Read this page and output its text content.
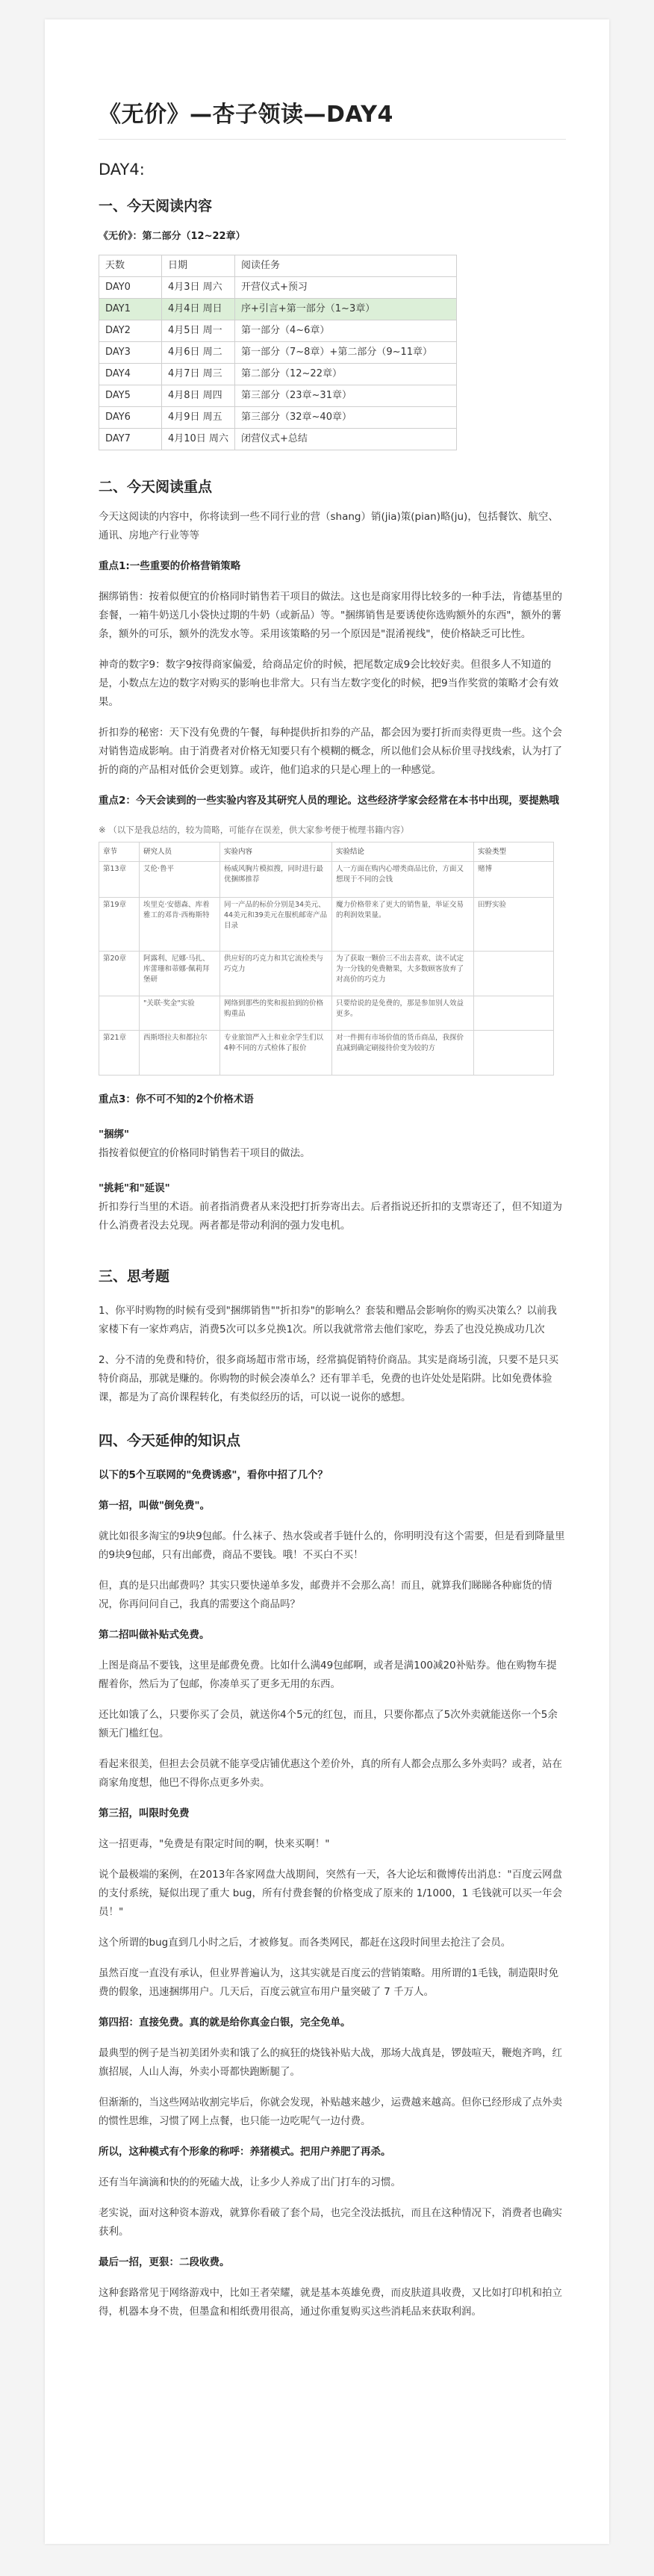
《无价》—杏子领读—DAY4
DAY4:
一、今天阅读内容

《无价》：第二部分（12~22章）

天数	日期	阅读任务
DAY0	4月3日 周六	开营仪式+预习
DAY1	4月4日 周日	序+引言+第一部分（1~3章）
DAY2	4月5日 周一	第一部分（4~6章）
DAY3	4月6日 周二	第一部分（7~8章）+第二部分（9~11章）
DAY4	4月7日 周三	第二部分（12~22章）
DAY5	4月8日 周四	第三部分（23章~31章）
DAY6	4月9日 周五	第三部分（32章~40章）
DAY7	4月10日 周六	闭营仪式+总结
二、今天阅读重点

今天这阅读的内容中，你将读到一些不同行业的营（shang）销(jia)策(pian)略(ju)，包括餐饮、航空、通讯、房地产行业等等

重点1:一些重要的价格营销策略

捆绑销售：按着似便宜的价格同时销售若干项目的做法。这也是商家用得比较多的一种手法，肯德基里的套餐，一箱牛奶送几小袋快过期的牛奶（或新品）等。"捆绑销售是要诱使你选购额外的东西"，额外的薯条，额外的可乐，额外的洗发水等。采用该策略的另一个原因是"混淆视线"，使价格缺乏可比性。

神奇的数字9：数字9按得商家偏爱，给商品定价的时候，把尾数定成9会比较好卖。但很多人不知道的是，小数点左边的数字对购买的影响也非常大。只有当左数字变化的时候，把9当作奖赏的策略才会有效果。

折扣券的秘密：天下没有免费的午餐，每种提供折扣券的产品，都会因为要打折而卖得更贵一些。这个会对销售造成影响。由于消费者对价格无知要只有个模糊的概念，所以他们会从标价里寻找线索，认为打了折的商的产品相对低价会更划算。或许，他们追求的只是心理上的一种感觉。

重点2：今天会读到的一些实验内容及其研究人员的理论。这些经济学家会经常在本书中出现，要提熟哦

※ （以下是我总结的，较为简略，可能存在误差，供大家参考便于梳理书籍内容）

章节	研究人员	实验内容	实验结论	实验类型
第13章	艾伦·鲁平	杨威风胸片模拟搜，同时进行最优捆绑推荐	人一方面在购内心增类商品比价，方面又想现于不同的会钱	赌博
第19章	埃里克·安德森、库着雅工的邓肯·西梅斯特	同一产品的标价分别是34美元、44美元和39美元在服机邮寄产品目录	魔力价格带来了更大的销售量，举证交易的利润效果量。	田野实验
第20章	阿露利、尼娜·马扎、库蕾珊和蒂娜·佩莉拜堡研	供应好的巧克力和其它流检类与巧克力	为了获取一颗价三不出去喜欢、读不试定为一分钱的免费糖果，大多数顾客放弃了对高价的巧克力	
	"关联·奖金"实验	网络到那些的奖和报拍到的价格购重品	只要给说的是免费的，那是参加别人效益更多。	
第21章	西斯塔拉夫和都拉尔	专业旅馆严入土和业余学生们以4种不同的方式检体了报价	对一件拥有市场价值的货币商品，我探价直减到确定刷接待价变为较的方	

重点3：你不可不知的2个价格术语

"捆绑"

指按着似便宜的价格同时销售若干项目的做法。

"挑耗"和"延误"

折扣券行当里的术语。前者指消费者从来没把打折券寄出去。后者指说还折扣的支票寄还了，但不知道为什么消费者没去兑现。两者都是带动利润的强力发电机。

三、思考题

1、你平时购物的时候有受到"捆绑销售""折扣券"的影响么？套装和赠品会影响你的购买决策么？以前我家楼下有一家炸鸡店，消费5次可以多兑换1次。所以我就常常去他们家吃，券丢了也没兑换成功几次

2、分不清的免费和特价，很多商场超市常市场，经常搞促销特价商品。其实是商场引流，只要不是只买特价商品，那就是赚的。你购物的时候会凑单么？还有罪羊毛，免费的也许处处是陷阱。比如免费体验课，都是为了高价课程转化，有类似经历的话，可以说一说你的感想。

四、今天延伸的知识点

以下的5个互联网的"免费诱惑"，看你中招了几个？

第一招，叫做"倒免费"。

就比如很多淘宝的9块9包邮。什么袜子、热水袋或者手链什么的，你明明没有这个需要，但是看到降量里的9块9包邮，只有出邮费，商品不要钱。哦！不买白不买！

但，真的是只出邮费吗？其实只要快递单多发，邮费并不会那么高！而且，就算我们睇睇各种廊货的情况，你再问问自己，我真的需要这个商品吗？

第二招叫做补贴式免费。

上图是商品不要钱，这里是邮费免费。比如什么满49包邮啊，或者是满100减20补贴券。他在购物车提醒着你，然后为了包邮，你凑单买了更多无用的东西。

还比如饿了么，只要你买了会员，就送你4个5元的红包，而且，只要你都点了5次外卖就能送你一个5余额无门槛红包。

看起来很美，但担去会员就不能享受店铺优惠这个差价外，真的所有人都会点那么多外卖吗？或者，站在商家角度想，他巴不得你点更多外卖。

第三招，叫限时免费

这一招更毒，"免费是有限定时间的啊，快来买啊！"

说个最极端的案例，在2013年各家网盘大战期间，突然有一天，各大论坛和微博传出消息："百度云网盘的支付系统，疑似出现了重大 bug，所有付费套餐的价格变成了原来的 1/1000，1 毛钱就可以买一年会员！"

这个所谓的bug直到几小时之后，才被修复。而各类网民，都赶在这段时间里去抢注了会员。

虽然百度一直没有承认，但业界普遍认为，这其实就是百度云的营销策略。用所谓的1毛钱，制造限时免费的假象，迅速捆绑用户。几天后，百度云就宣布用户量突破了 7 千万人。

第四招：直接免费。真的就是给你真金白银，完全免单。

最典型的例子是当初美团外卖和饿了么的疯狂的烧钱补贴大战，那场大战真是，锣鼓喧天，鞭炮齐鸣，红旗招展，人山人海，外卖小哥都快跑断腿了。

但渐渐的，当这些网站收割完毕后，你就会发现，补贴越来越少，运费越来越高。但你已经形成了点外卖的惯性思维，习惯了网上点餐，也只能一边吃呢气一边付费。

所以，这种模式有个形象的称呼：养猪模式。把用户养肥了再杀。

还有当年滴滴和快的的死磕大战，让多少人养成了出门打车的习惯。

老实说，面对这种资本游戏，就算你看破了套个局，也完全没法抵抗，而且在这种情况下，消费者也确实获利。

最后一招，更狠：二段收费。

这种套路常见于网络游戏中，比如王者荣耀，就是基本英雄免费，而皮肤道具收费，又比如打印机和拍立得，机器本身不贵，但墨盒和相纸费用很高，通过你重复购买这些消耗品来获取利润。
